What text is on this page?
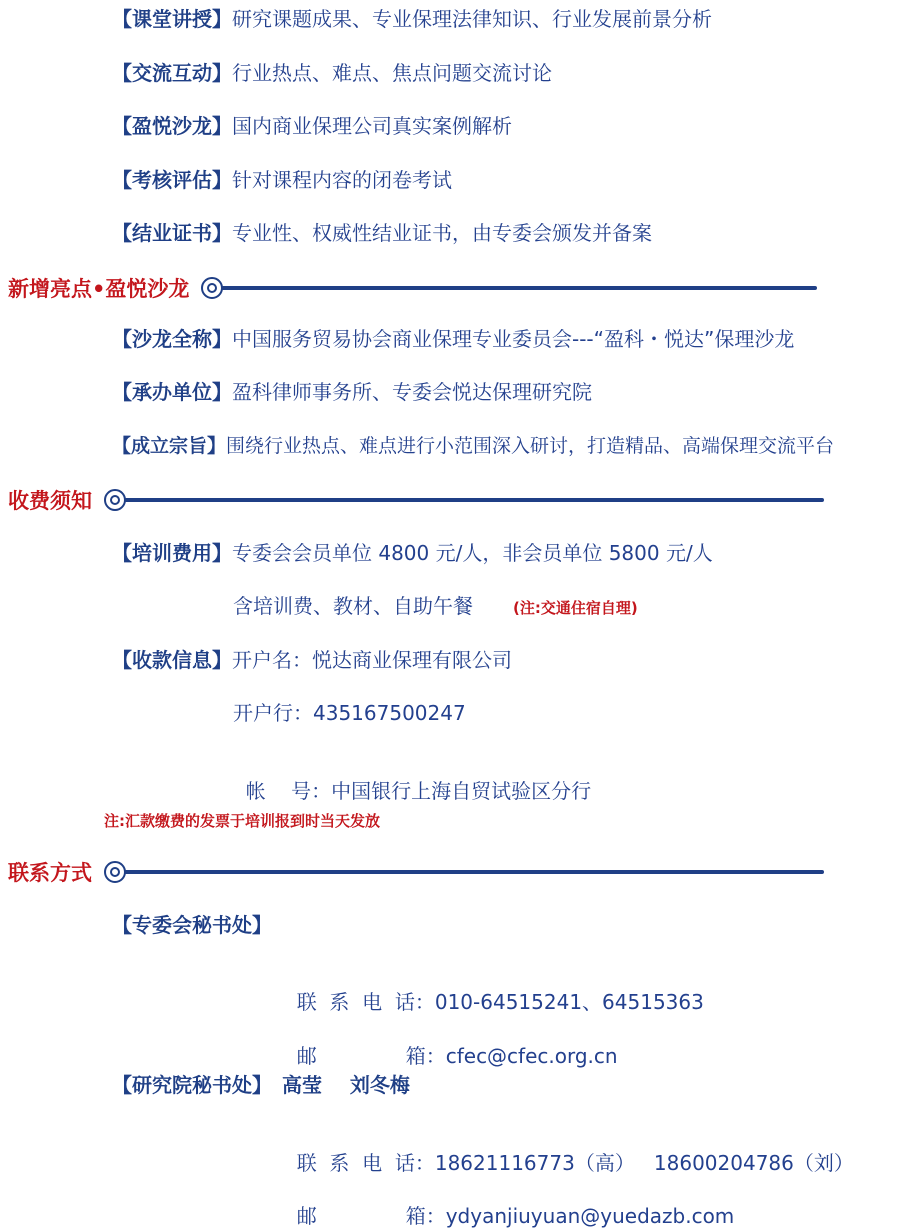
【课堂讲授】研究课题成果、专业保理法律知识、行业发展前景分析
【交流互动】行业热点、难点、焦点问题交流讨论
【盈悦沙龙】国内商业保理公司真实案例解析
【考核评估】针对课程内容的闭卷考试
【结业证书】专业性、权威性结业证书，由专委会颁发并备案
新增亮点•盈悦沙龙
【沙龙全称】中国服务贸易协会商业保理专业委员会---“盈科・悦达”保理沙龙
【承办单位】盈科律师事务所、专委会悦达保理研究院
【成立宗旨】围绕行业热点、难点进行小范围深入研讨，打造精品、高端保理交流平台
收费须知
【培训费用】专委会会员单位 4800 元/人，非会员单位 5800 元/人
含培训费、教材、自助午餐	(注:交通住宿自理)
【收款信息】开户名：悦达商业保理有限公司
开户行：435167500247

帐    号：中国银行上海自贸试验区分行

注:汇款缴费的发票于培训报到时当天发放
联系方式
【专委会秘书处】

联  系  电  话：010-64515241、64515363

邮              箱：cfec@cfec.org.cn

【研究院秘书处】 高莹    刘冬梅

联  系  电  话：18621116773（高）   18600204786（刘）

邮              箱：ydyanjiuyuan@yuedazb.com
